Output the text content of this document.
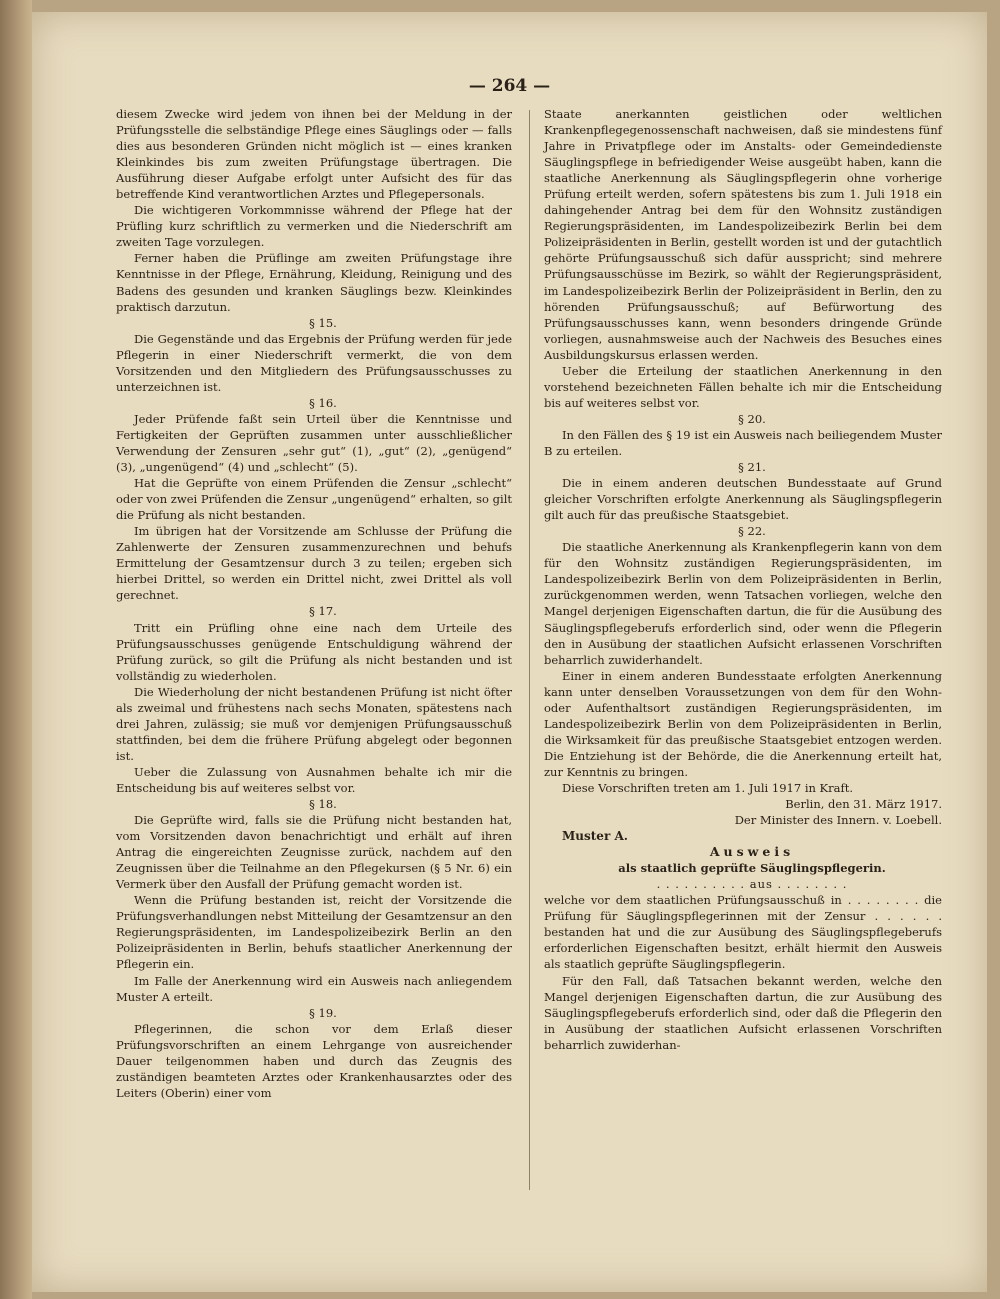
— 264 —

diesem Zwecke wird jedem von ihnen bei der Meldung in der Prüfungsstelle die selbständige Pflege eines Säuglings oder — falls dies aus besonderen Gründen nicht möglich ist — eines kranken Kleinkindes bis zum zweiten Prüfungstage übertragen. Die Ausführung dieser Aufgabe erfolgt unter Aufsicht des für das betreffende Kind verantwortlichen Arztes und Pflegepersonals.

Die wichtigeren Vorkommnisse während der Pflege hat der Prüfling kurz schriftlich zu vermerken und die Niederschrift am zweiten Tage vorzulegen.

Ferner haben die Prüflinge am zweiten Prüfungstage ihre Kenntnisse in der Pflege, Ernährung, Kleidung, Reinigung und des Badens des gesunden und kranken Säuglings bezw. Kleinkindes praktisch darzutun.

§ 15.

Die Gegenstände und das Ergebnis der Prüfung werden für jede Pflegerin in einer Niederschrift vermerkt, die von dem Vorsitzenden und den Mitgliedern des Prüfungsausschusses zu unterzeichnen ist.

§ 16.

Jeder Prüfende faßt sein Urteil über die Kenntnisse und Fertigkeiten der Geprüften zusammen unter ausschließlicher Verwendung der Zensuren „sehr gut“ (1), „gut“ (2), „genügend“ (3), „ungenügend“ (4) und „schlecht“ (5).

Hat die Geprüfte von einem Prüfenden die Zensur „schlecht“ oder von zwei Prüfenden die Zensur „ungenügend“ erhalten, so gilt die Prüfung als nicht bestanden.

Im übrigen hat der Vorsitzende am Schlusse der Prüfung die Zahlenwerte der Zensuren zusammenzurechnen und behufs Ermittelung der Gesamtzensur durch 3 zu teilen; ergeben sich hierbei Drittel, so werden ein Drittel nicht, zwei Drittel als voll gerechnet.

§ 17.

Tritt ein Prüfling ohne eine nach dem Urteile des Prüfungsausschusses genügende Entschuldigung während der Prüfung zurück, so gilt die Prüfung als nicht bestanden und ist vollständig zu wiederholen.

Die Wiederholung der nicht bestandenen Prüfung ist nicht öfter als zweimal und frühestens nach sechs Monaten, spätestens nach drei Jahren, zulässig; sie muß vor demjenigen Prüfungsausschuß stattfinden, bei dem die frühere Prüfung abgelegt oder begonnen ist.

Ueber die Zulassung von Ausnahmen behalte ich mir die Entscheidung bis auf weiteres selbst vor.

§ 18.

Die Geprüfte wird, falls sie die Prüfung nicht bestanden hat, vom Vorsitzenden davon benachrichtigt und erhält auf ihren Antrag die eingereichten Zeugnisse zurück, nachdem auf den Zeugnissen über die Teilnahme an den Pflegekursen (§ 5 Nr. 6) ein Vermerk über den Ausfall der Prüfung gemacht worden ist.

Wenn die Prüfung bestanden ist, reicht der Vorsitzende die Prüfungsverhandlungen nebst Mitteilung der Gesamtzensur an den Regierungspräsidenten, im Landespolizeibezirk Berlin an den Polizeipräsidenten in Berlin, behufs staatlicher Anerkennung der Pflegerin ein.

Im Falle der Anerkennung wird ein Ausweis nach anliegendem Muster A erteilt.

§ 19.

Pflegerinnen, die schon vor dem Erlaß dieser Prüfungsvorschriften an einem Lehrgange von ausreichender Dauer teilgenommen haben und durch das Zeugnis des zuständigen beamteten Arztes oder Krankenhausarztes oder des Leiters (Oberin) einer vom

Staate anerkannten geistlichen oder weltlichen Krankenpflegegenossenschaft nachweisen, daß sie mindestens fünf Jahre in Privatpflege oder im Anstalts- oder Gemeindedienste Säuglingspflege in befriedigender Weise ausgeübt haben, kann die staatliche Anerkennung als Säuglingspflegerin ohne vorherige Prüfung erteilt werden, sofern spätestens bis zum 1. Juli 1918 ein dahingehender Antrag bei dem für den Wohnsitz zuständigen Regierungspräsidenten, im Landespolizeibezirk Berlin bei dem Polizeipräsidenten in Berlin, gestellt worden ist und der gutachtlich gehörte Prüfungsausschuß sich dafür ausspricht; sind mehrere Prüfungsausschüsse im Bezirk, so wählt der Regierungspräsident, im Landespolizeibezirk Berlin der Polizeipräsident in Berlin, den zu hörenden Prüfungsausschuß; auf Befürwortung des Prüfungsausschusses kann, wenn besonders dringende Gründe vorliegen, ausnahmsweise auch der Nachweis des Besuches eines Ausbildungskursus erlassen werden.

Ueber die Erteilung der staatlichen Anerkennung in den vorstehend bezeichneten Fällen behalte ich mir die Entscheidung bis auf weiteres selbst vor.

§ 20.

In den Fällen des § 19 ist ein Ausweis nach beiliegendem Muster B zu erteilen.

§ 21.

Die in einem anderen deutschen Bundesstaate auf Grund gleicher Vorschriften erfolgte Anerkennung als Säuglingspflegerin gilt auch für das preußische Staatsgebiet.

§ 22.

Die staatliche Anerkennung als Krankenpflegerin kann von dem für den Wohnsitz zuständigen Regierungspräsidenten, im Landespolizeibezirk Berlin von dem Polizeipräsidenten in Berlin, zurückgenommen werden, wenn Tatsachen vorliegen, welche den Mangel derjenigen Eigenschaften dartun, die für die Ausübung des Säuglingspflegeberufs erforderlich sind, oder wenn die Pflegerin den in Ausübung der staatlichen Aufsicht erlassenen Vorschriften beharrlich zuwiderhandelt.

Einer in einem anderen Bundesstaate erfolgten Anerkennung kann unter denselben Voraussetzungen von dem für den Wohn- oder Aufenthaltsort zuständigen Regierungspräsidenten, im Landespolizeibezirk Berlin von dem Polizeipräsidenten in Berlin, die Wirksamkeit für das preußische Staatsgebiet entzogen werden. Die Entziehung ist der Behörde, die die Anerkennung erteilt hat, zur Kenntnis zu bringen.

Diese Vorschriften treten am 1. Juli 1917 in Kraft.

Berlin, den 31. März 1917.

Der Minister des Innern. v. Loebell.

Muster A.

Ausweis

als staatlich geprüfte Säuglingspflegerin.

. . . . . . . . . . aus . . . . . . . .

welche vor dem staatlichen Prüfungsausschuß in . . . . . . . . die Prüfung für Säuglingspflegerinnen mit der Zensur . . . . . . bestanden hat und die zur Ausübung des Säuglingspflegeberufs erforderlichen Eigenschaften besitzt, erhält hiermit den Ausweis als staatlich geprüfte Säuglingspflegerin.

Für den Fall, daß Tatsachen bekannt werden, welche den Mangel derjenigen Eigenschaften dartun, die zur Ausübung des Säuglingspflegeberufs erforderlich sind, oder daß die Pflegerin den in Ausübung der staatlichen Aufsicht erlassenen Vorschriften beharrlich zuwiderhan-
